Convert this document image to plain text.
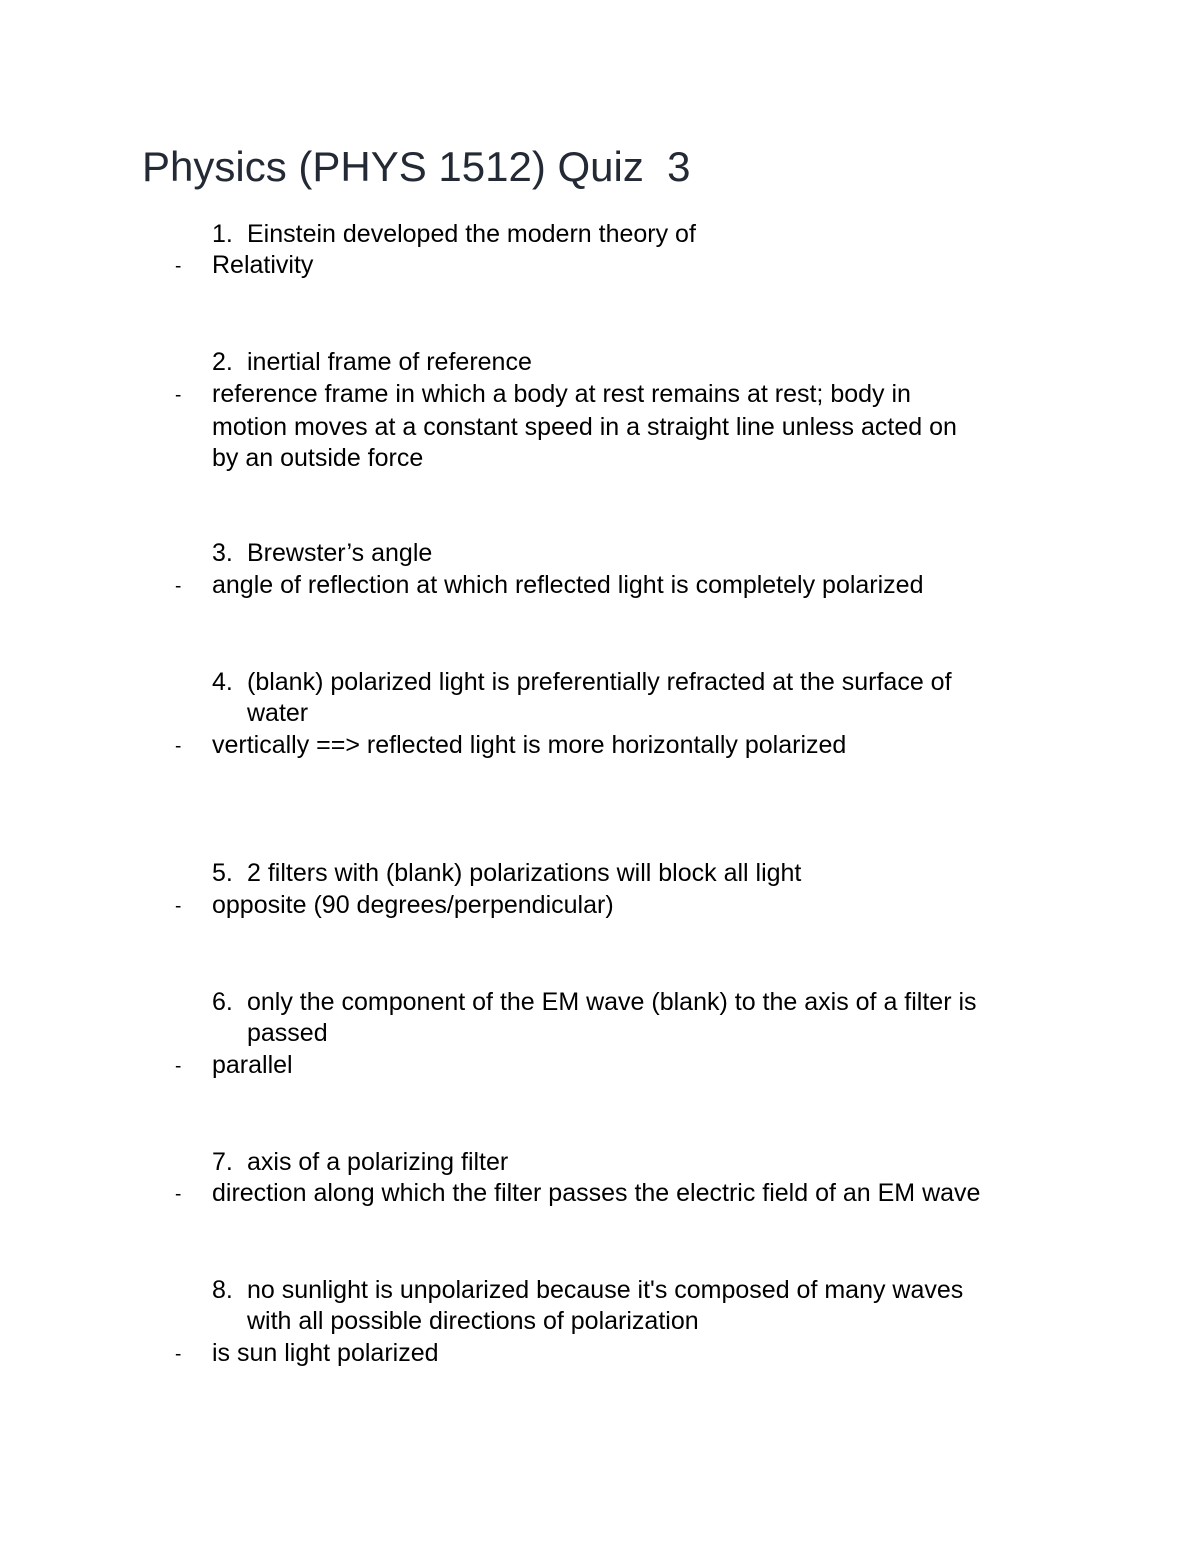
Physics (PHYS 1512) Quiz  3
1. Einstein developed the modern theory of
- Relativity
2. inertial frame of reference
- reference frame in which a body at rest remains at rest; body in
motion moves at a constant speed in a straight line unless acted on
by an outside force
3. Brewster’s angle
- angle of reflection at which reflected light is completely polarized
4. (blank) polarized light is preferentially refracted at the surface of
water
- vertically ==> reflected light is more horizontally polarized
5. 2 filters with (blank) polarizations will block all light
- opposite (90 degrees/perpendicular)
6. only the component of the EM wave (blank) to the axis of a filter is
passed
- parallel
7. axis of a polarizing filter
- direction along which the filter passes the electric field of an EM wave
8. no sunlight is unpolarized because it's composed of many waves
with all possible directions of polarization
- is sun light polarized
